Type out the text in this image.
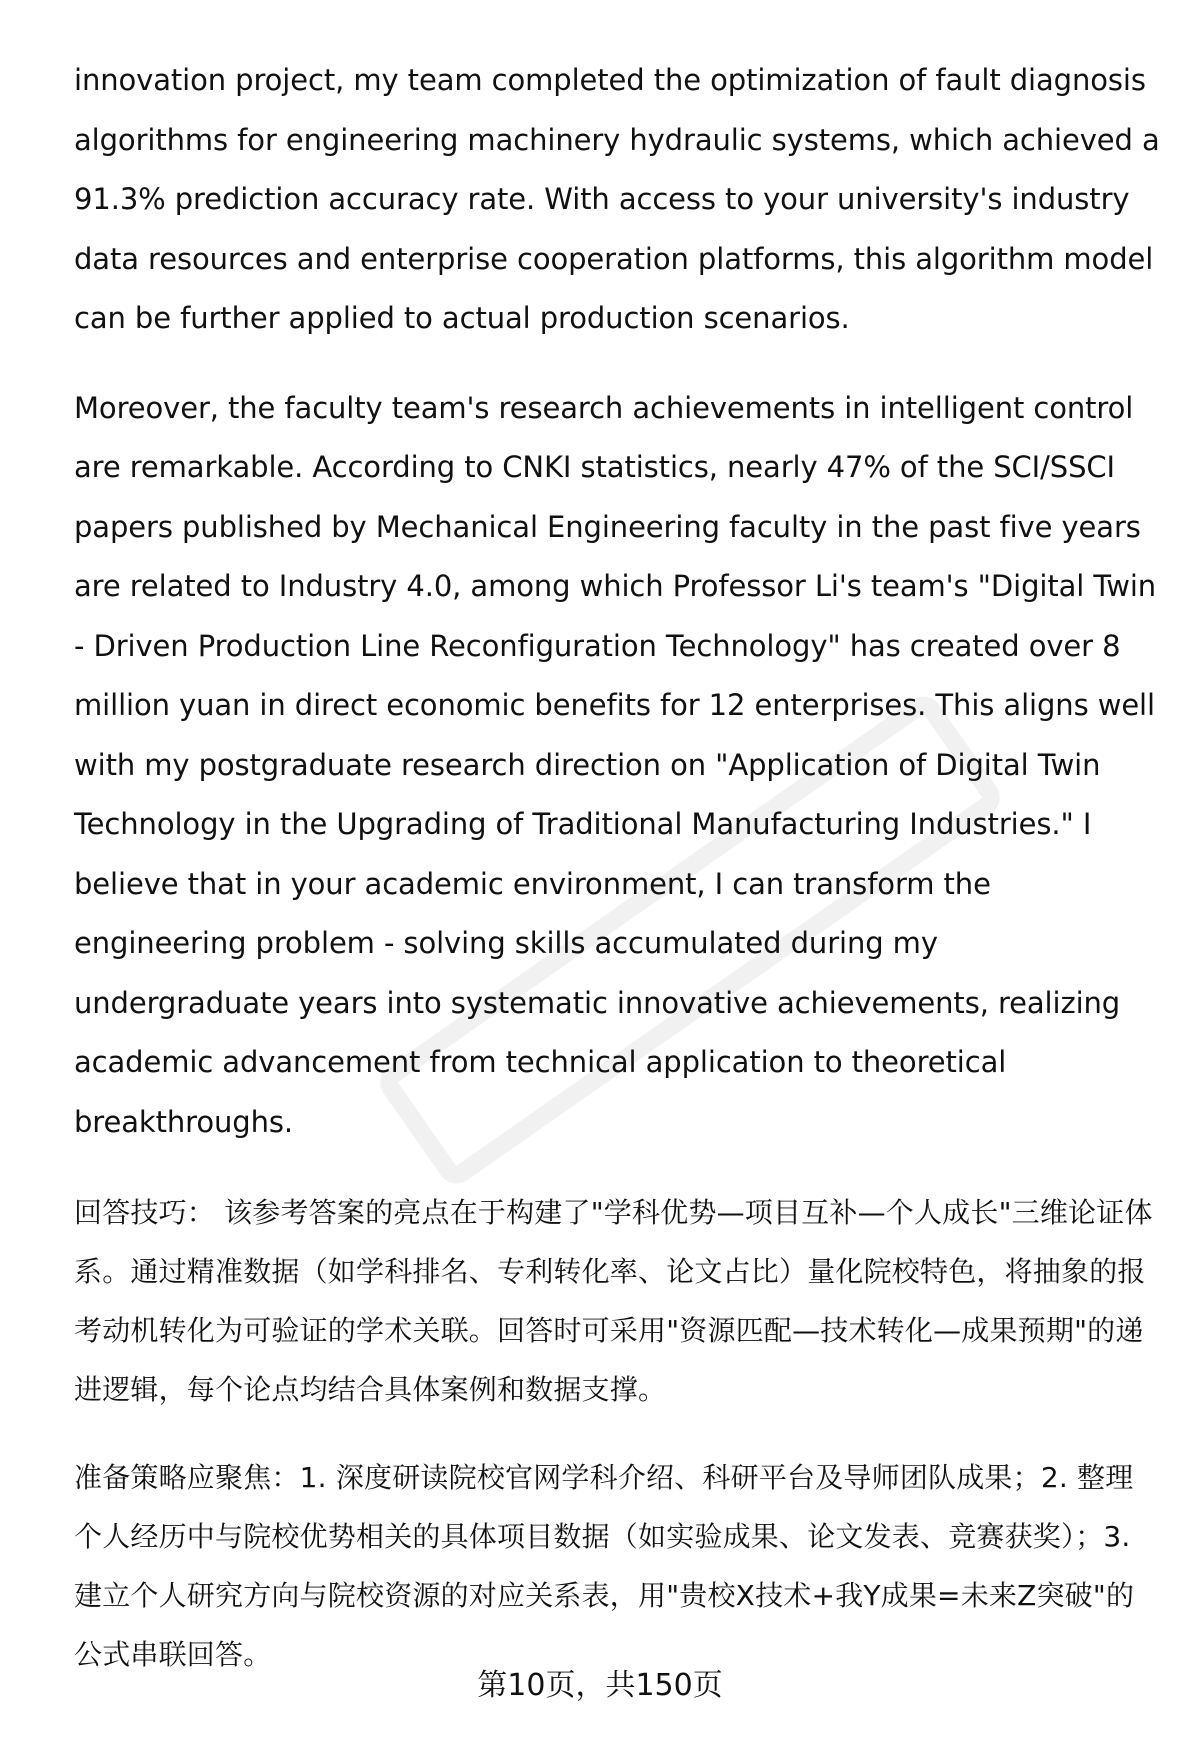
innovation project, my team completed the optimization of fault diagnosis algorithms for engineering machinery hydraulic systems, which achieved a 91.3% prediction accuracy rate. With access to your university's industry data resources and enterprise cooperation platforms, this algorithm model can be further applied to actual production scenarios.

Moreover, the faculty team's research achievements in intelligent control are remarkable. According to CNKI statistics, nearly 47% of the SCI/SSCI papers published by Mechanical Engineering faculty in the past five years are related to Industry 4.0, among which Professor Li's team's "Digital Twin - Driven Production Line Reconfiguration Technology" has created over 8 million yuan in direct economic benefits for 12 enterprises. This aligns well with my postgraduate research direction on "Application of Digital Twin Technology in the Upgrading of Traditional Manufacturing Industries." I believe that in your academic environment, I can transform the engineering problem - solving skills accumulated during my undergraduate years into systematic innovative achievements, realizing academic advancement from technical application to theoretical breakthroughs.

回答技巧： 该参考答案的亮点在于构建了"学科优势—项目互补—个人成长"三维论证体系。通过精准数据（如学科排名、专利转化率、论文占比）量化院校特色，将抽象的报考动机转化为可验证的学术关联。回答时可采用"资源匹配—技术转化—成果预期"的递进逻辑，每个论点均结合具体案例和数据支撑。

准备策略应聚焦：1. 深度研读院校官网学科介绍、科研平台及导师团队成果；2. 整理个人经历中与院校优势相关的具体项目数据（如实验成果、论文发表、竞赛获奖）；3. 建立个人研究方向与院校资源的对应关系表，用"贵校X技术+我Y成果=未来Z突破"的公式串联回答。

第10页，共150页
